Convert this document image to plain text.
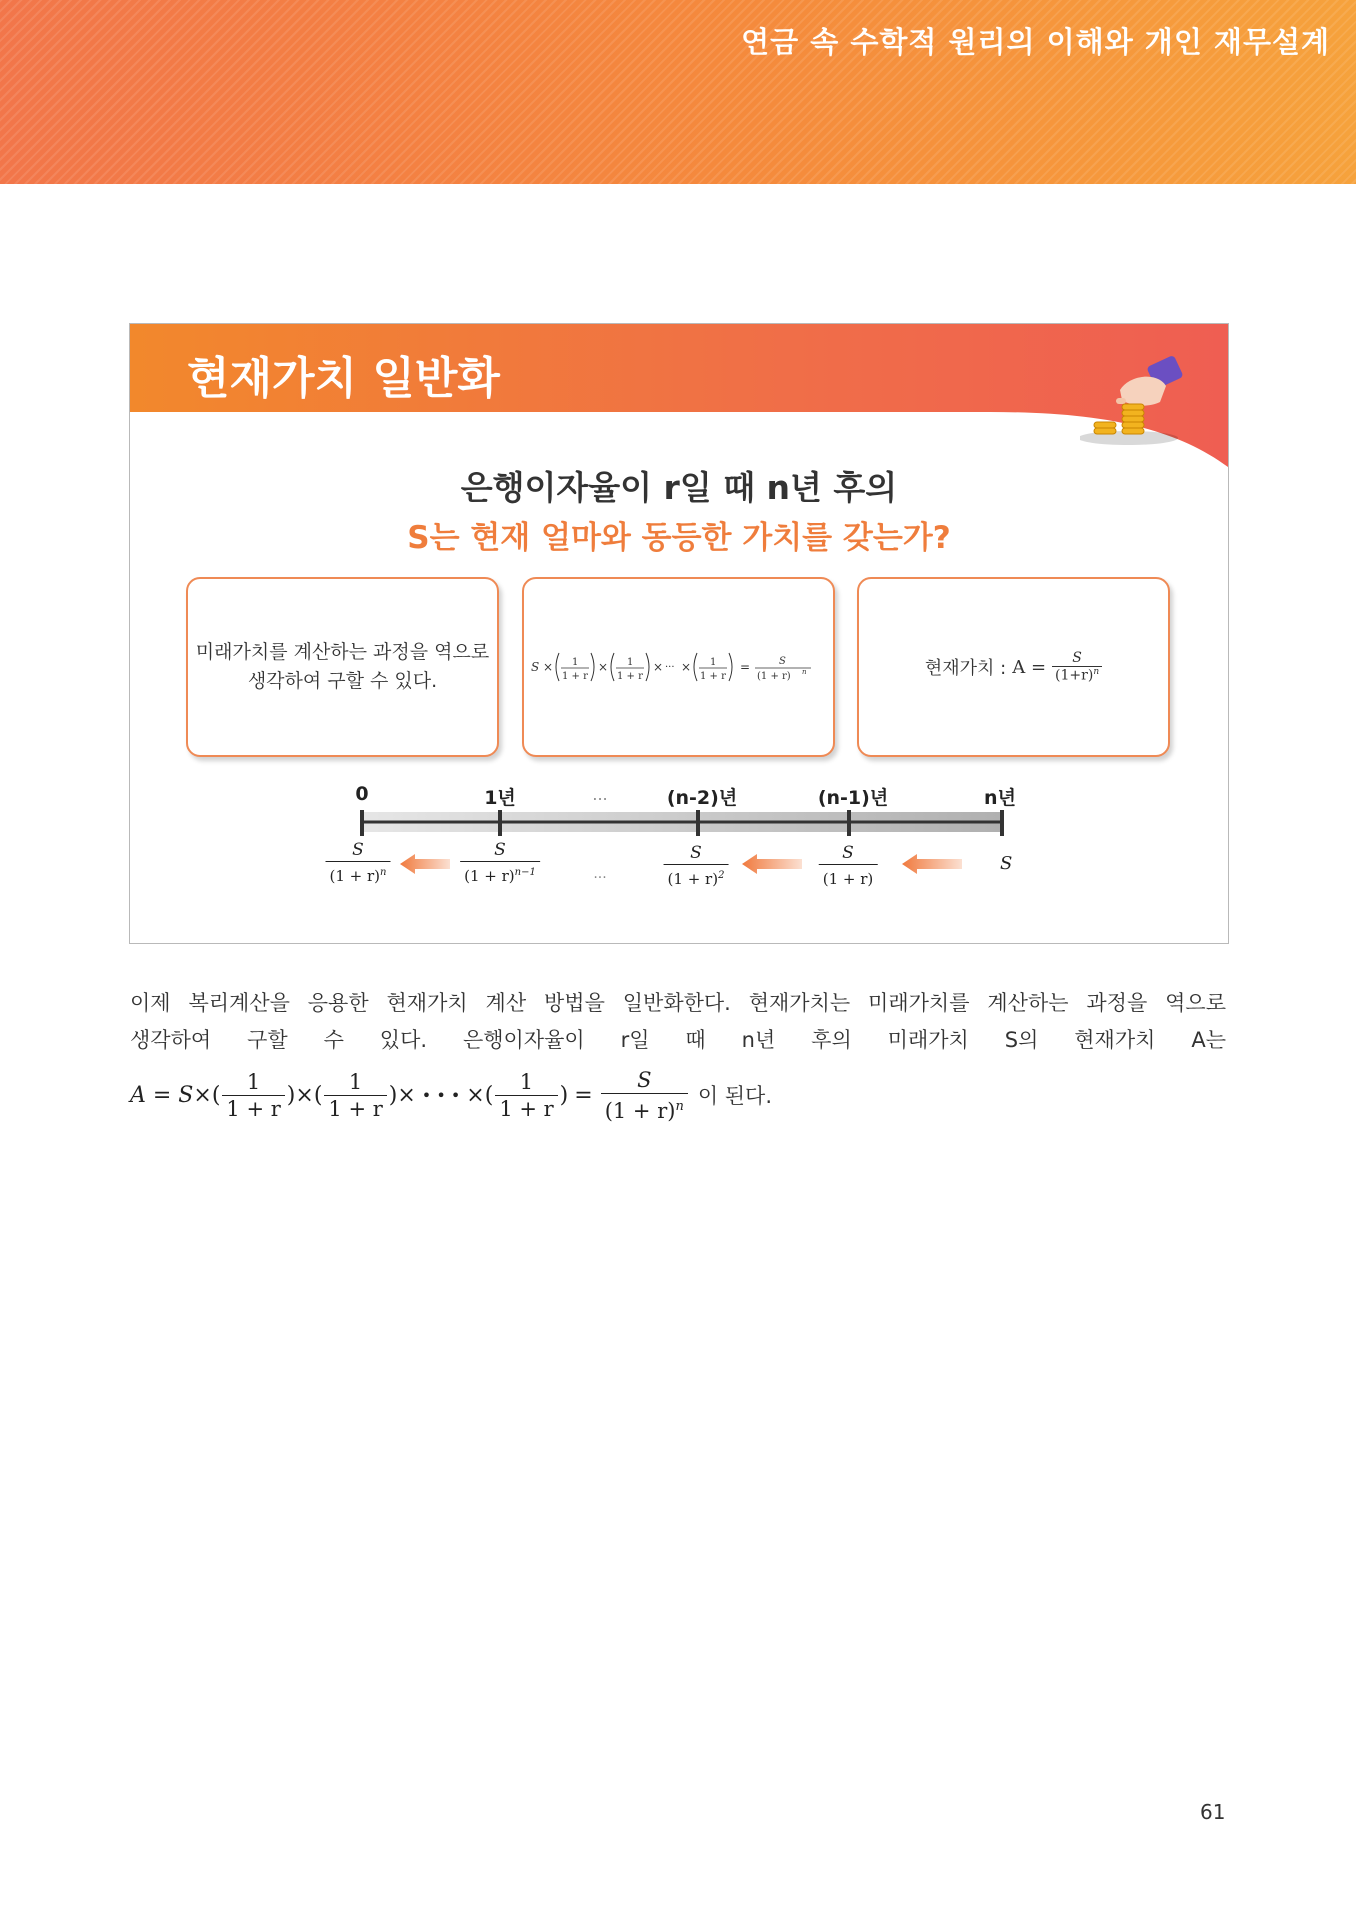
연금 속 수학적 원리의 이해와 개인 재무설계
현재가치 일반화
은행이자율이 r일 때 n년 후의
S는 현재 얼마와 동등한 가치를 갖는가?
미래가치를 계산하는 과정을 역으로
생각하여 구할 수 있다.
S × 1
1 + r
× 1
1 + r
× ··· × 1
1 + r
=	S
(1 + r) n	현재가치 : $A = \frac{S}{(1+r)^n}$
0	1년	...	(n-2)년	(n-1)년	n년
$\frac{S}{(1 + r)^n}$	$\frac{S}{(1 + r)^{n-1}}$	...	$\frac{S}{(1 + r)^2}$	$\frac{S}{(1 + r)}$	S
이제 복리계산을 응용한 현재가치 계산 방법을 일반화한다. 현재가치는 미래가치를 계산하는 과정을 역으로
생각하여 구할 수 있다. 은행이자율이 r일 때 n년 후의 미래가치 S의 현재가치 A는
A = S × (
1
1 + r
) × (
1
1 + r
) × • • • × (
1
1 + r
) = $\frac{S}{(1 + r)^n}$ 이 된다.
61
